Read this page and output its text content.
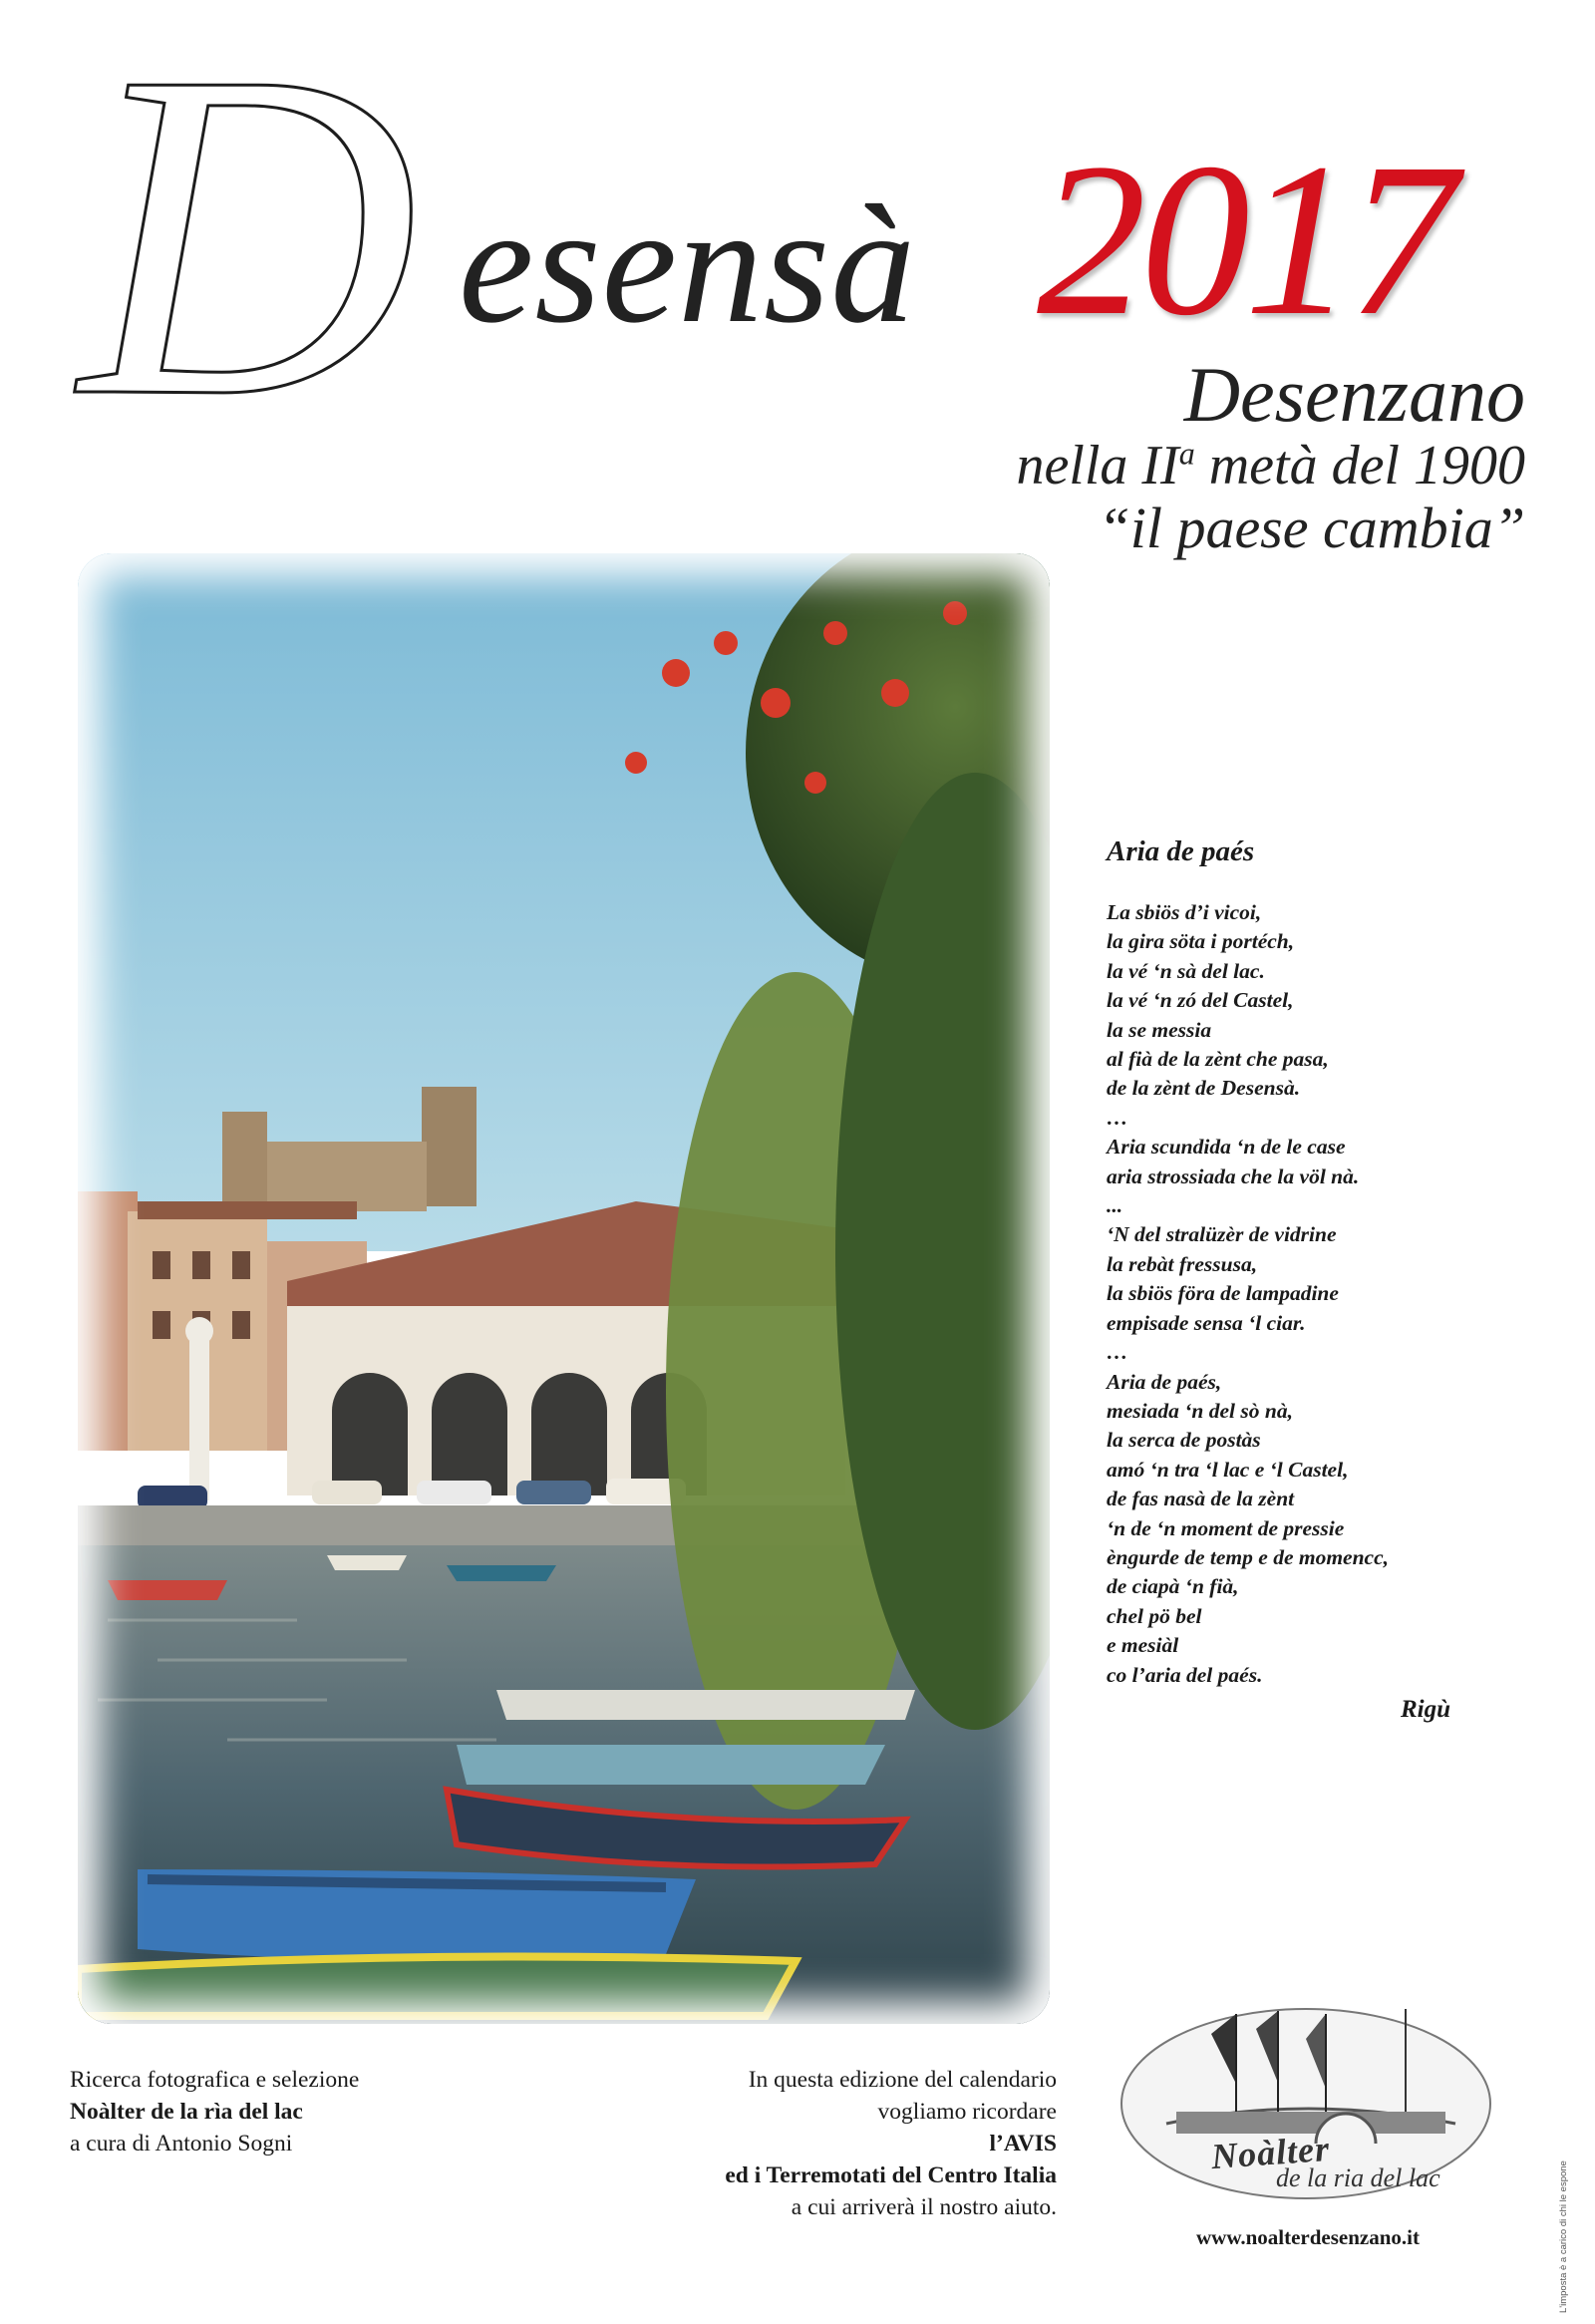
D esensà 2017
Desenzano
nella $II^a$ metà del 1900
“il paese cambia”
Aria de paés
La sbiös d’i vicoi,
la gira söta i portéch,
la vé ‘n sà del lac.
la vé ‘n zó del Castel,
la se messia
al fià de la zènt che pasa,
de la zènt de Desensà.
…
Aria scundida ‘n de le case
aria strossiada che la völ nà.
...
‘N del stralüzèr de vidrine
la rebàt fressusa,
la sbiös föra de lampadine
empisade sensa ‘l ciar.
…
Aria de paés,
mesiada ‘n del sò nà,
la serca de postàs
amó ‘n tra ‘l lac e ‘l Castel,
de fas nasà de la zènt
‘n de ‘n moment de pressie
èngurde de temp e de momencc,
de ciapà ‘n fià,
chel pö bel
e mesiàl
co l’aria del paés.
Rigù
Ricerca fotografica e selezione
Noàlter de la rìa del lac
a cura di Antonio Sogni
In questa edizione del calendario
vogliamo ricordare
l’AVIS
ed i Terremotati del Centro Italia
a cui arriverà il nostro aiuto.
Noàlter
de la ria del lac
www.noalterdesenzano.it	L'imposta è a carico di chi le espone
